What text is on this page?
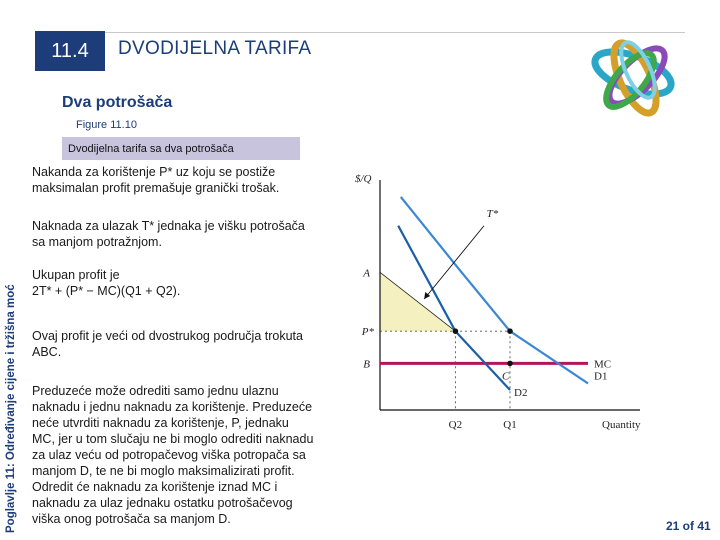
11.4	DVODIJELNA TARIFA
Dva potrošača
Figure 11.10
Dvodijelna tarifa sa dva potrošača
Poglavlje 11: Određivanje cijene i tržišna moć
Nakanda za korištenje P* uz koju se postiže
maksimalan profit premašuje granički trošak.
Naknada za ulazak T* jednaka je višku potrošača
sa manjom potražnjom.
Ukupan profit je
2T* + (P* − MC)(Q1 + Q2).
Ovaj profit je veći od dvostrukog područja trokuta
ABC.
Preduzeće može odrediti samo jednu ulaznu
naknadu i jednu naknadu za korištenje. Preduzeće
neće utvrditi naknadu za korištenje, P, jednaku
MC, jer u tom slučaju ne bi moglo odrediti naknadu
za ulaz veću od potropačevog viška potropača sa
manjom D, te ne bi moglo maksimalizirati profit.
Odredit će naknadu za korištenje iznad MC i
naknadu za ulaz jednaku ostatku potrošačevog
viška onog potrošača sa manjom D.
$/Q
Quantity
A
P*
B
Q2	Q1
T*
C
MC
D1
D2
21 of 41
